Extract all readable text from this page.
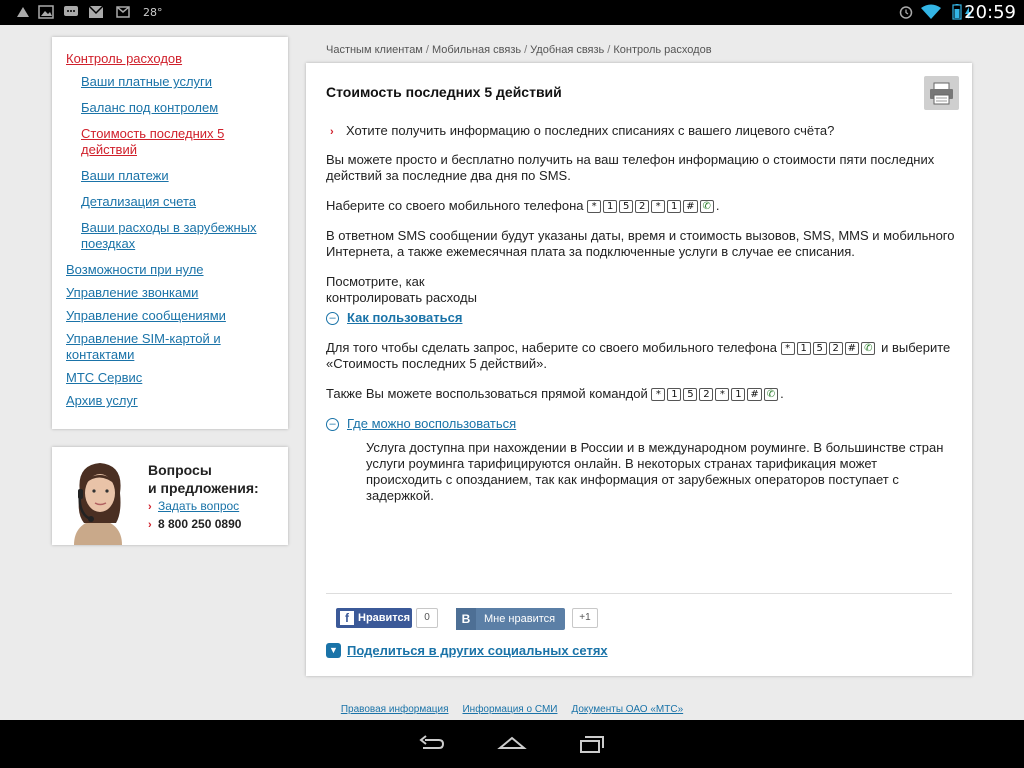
28°	20:59
Контроль расходов
Ваши платные услуги
Баланс под контролем
Стоимость последних 5 действий
Ваши платежи
Детализация счета
Ваши расходы в зарубежных поездках
Возможности при нуле
Управление звонками
Управление сообщениями
Управление SIM-картой и контактами
МТС Сервис
Архив услуг
Вопросы
и предложения:
› Задать вопрос
› 8 800 250 0890
Частным клиентам / Мобильная связь / Удобная связь / Контроль расходов
Стоимость последних 5 действий

› Хотите получить информацию о последних списаниях с вашего лицевого счёта?

Вы можете просто и бесплатно получить на ваш телефон информацию о стоимости пяти последних действий за последние два дня по SMS.

Наберите со своего мобильного телефона * 1 5 2 * 1 # ✆ .

В ответном SMS сообщении будут указаны даты, время и стоимость вызовов, SMS, MMS и мобильного Интернета, а также ежемесячная плата за подключенные услуги в случае ее списания.

Посмотрите, как
контролировать расходы

– Как пользоваться

Для того чтобы сделать запрос, наберите со своего мобильного телефона * 1 5 2 # ✆ и выберите «Стоимость последних 5 действий».

Также Вы можете воспользоваться прямой командой * 1 5 2 * 1 # ✆ .

– Где можно воспользоваться

Услуга доступна при нахождении в России и в международном роуминге. В большинстве стран услуги роуминга тарифицируются онлайн. В некоторых странах тарификация может происходить с опозданием, так как информация от зарубежных операторов поступает с задержкой.

f Нравится	0	В	Мне нравится	+1
▼ Поделиться в других социальных сетях
Правовая информация Информация о СМИ Документы ОАО «МТС»
